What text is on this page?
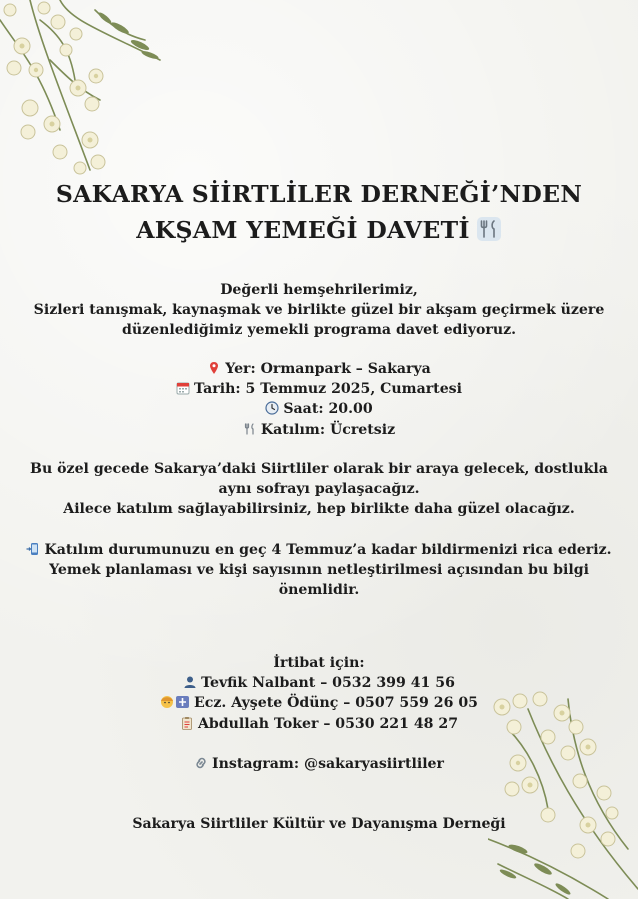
SAKARYA SİİRTLİLER DERNEĞİ’NDEN
AKŞAM YEMEĞİ DAVETİ
Değerli hemşehrilerimiz,
Sizleri tanışmak, kaynaşmak ve birlikte güzel bir akşam geçirmek üzere
düzenlediğimiz yemekli programa davet ediyoruz.
Yer: Ormanpark – Sakarya
Tarih: 5 Temmuz 2025, Cumartesi
Saat: 20.00
Katılım: Ücretsiz
Bu özel gecede Sakarya’daki Siirtliler olarak bir araya gelecek, dostlukla
aynı sofrayı paylaşacağız.
Ailece katılım sağlayabilirsiniz, hep birlikte daha güzel olacağız.
Katılım durumunuzu en geç 4 Temmuz’a kadar bildirmenizi rica ederiz.
Yemek planlaması ve kişi sayısının netleştirilmesi açısından bu bilgi
önemlidir.
İrtibat için:
Tevfik Nalbant – 0532 399 41 56
Ecz. Ayşete Ödünç – 0507 559 26 05
Abdullah Toker – 0530 221 48 27

Instagram: @sakaryasiirtliler
Sakarya Siirtliler Kültür ve Dayanışma Derneği
